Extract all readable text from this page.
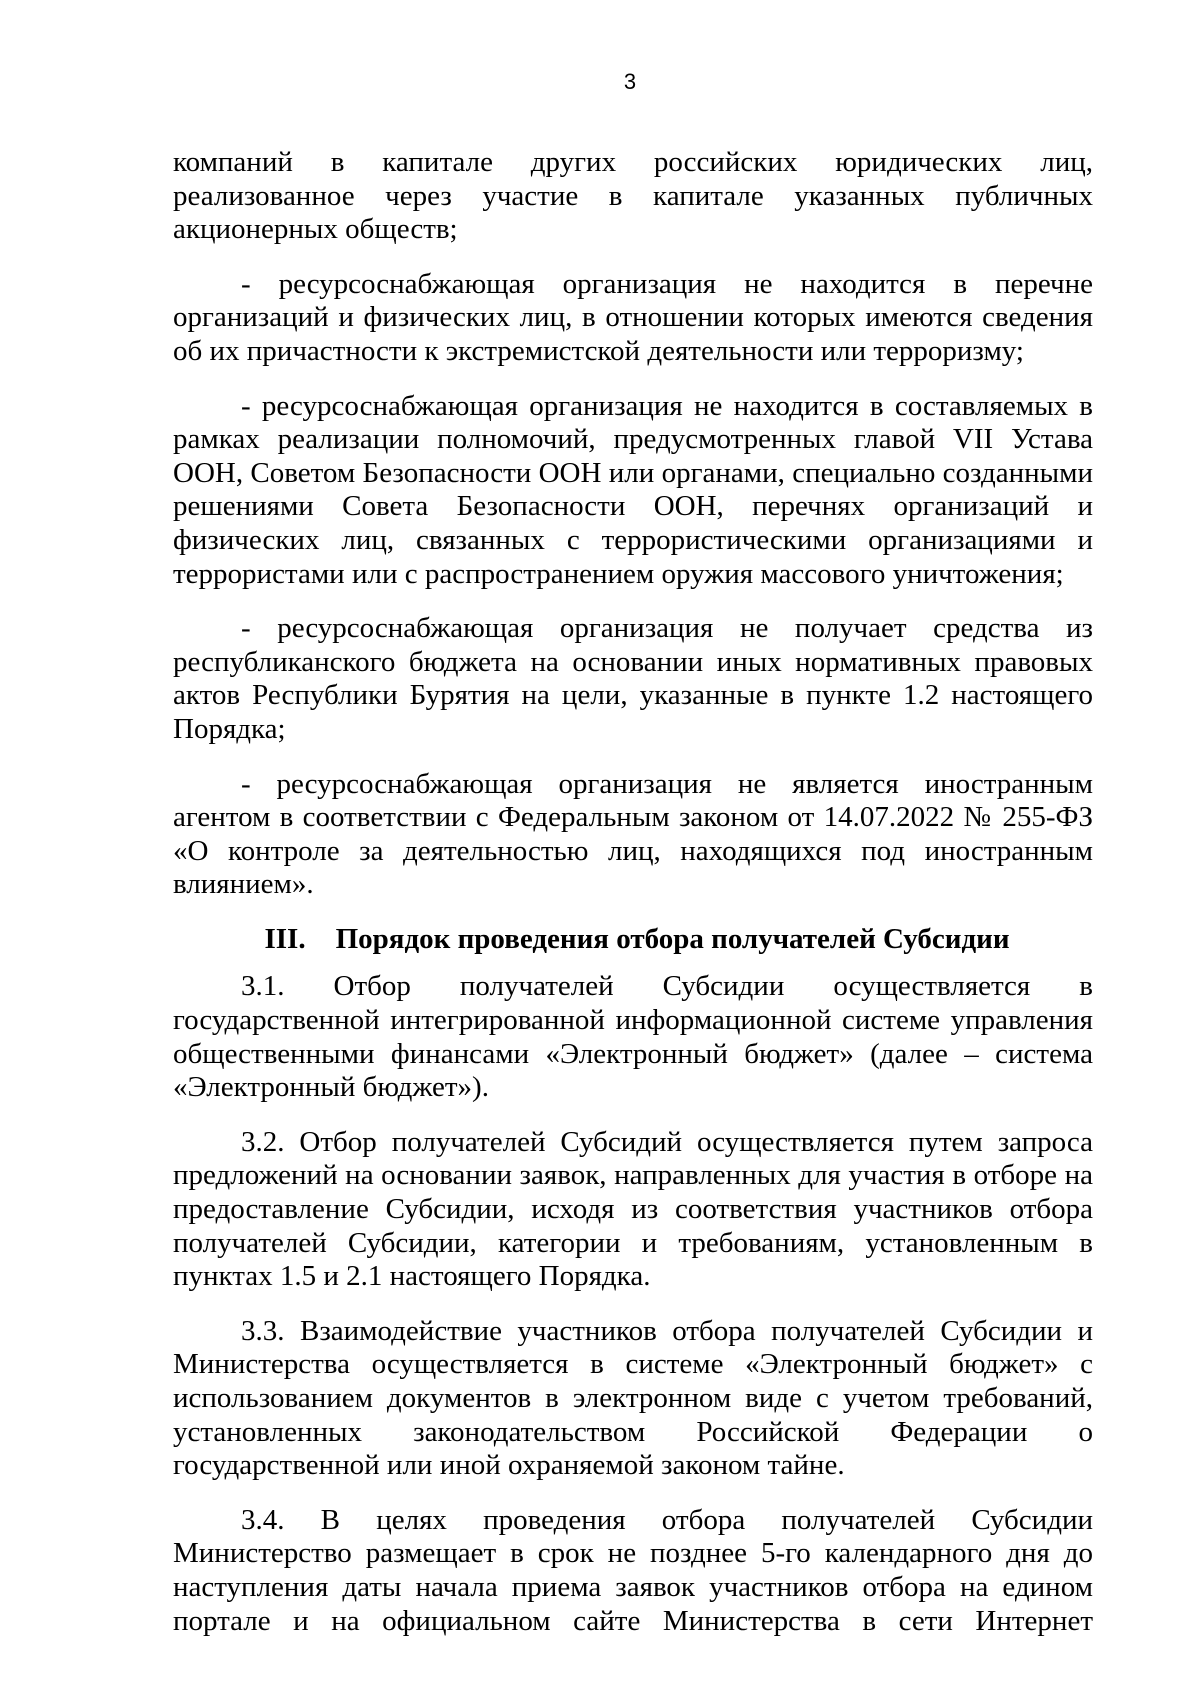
3

компаний в капитале других российских юридических лиц, реализованное через участие в капитале указанных публичных акционерных обществ;

- ресурсоснабжающая организация не находится в перечне организаций и физических лиц, в отношении которых имеются сведения об их причастности к экстремистской деятельности или терроризму;

- ресурсоснабжающая организация не находится в составляемых в рамках реализации полномочий, предусмотренных главой VII Устава ООН, Советом Безопасности ООН или органами, специально созданными решениями Совета Безопасности ООН, перечнях организаций и физических лиц, связанных с террористическими организациями и террористами или с распространением оружия массового уничтожения;

- ресурсоснабжающая организация не получает средства из республиканского бюджета на основании иных нормативных правовых актов Республики Бурятия на цели, указанные в пункте 1.2 настоящего Порядка;

- ресурсоснабжающая организация не является иностранным агентом в соответствии с Федеральным законом от 14.07.2022 № 255-ФЗ «О контроле за деятельностью лиц, находящихся под иностранным влиянием».

III. Порядок проведения отбора получателей Субсидии

3.1. Отбор получателей Субсидии осуществляется в государственной интегрированной информационной системе управления общественными финансами «Электронный бюджет» (далее – система «Электронный бюджет»).

3.2. Отбор получателей Субсидий осуществляется путем запроса предложений на основании заявок, направленных для участия в отборе на предоставление Субсидии, исходя из соответствия участников отбора получателей Субсидии, категории и требованиям, установленным в пунктах 1.5 и 2.1 настоящего Порядка.

3.3. Взаимодействие участников отбора получателей Субсидии и Министерства осуществляется в системе «Электронный бюджет» с использованием документов в электронном виде с учетом требований, установленных законодательством Российской Федерации о государственной или иной охраняемой законом тайне.

3.4. В целях проведения отбора получателей Субсидии Министерство размещает в срок не позднее 5-го календарного дня до наступления даты начала приема заявок участников отбора на едином портале и на официальном сайте Министерства в сети Интернет
